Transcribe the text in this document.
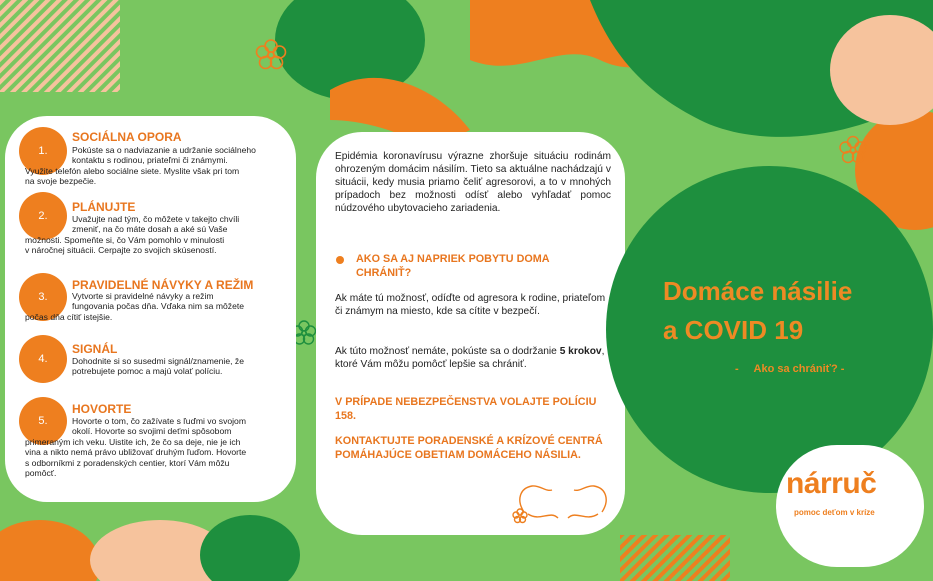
1.
SOCIÁLNA OPORA

Pokúste sa o nadviazanie a udržanie sociálneho

kontaktu s rodinou, priateľmi či známymi.

Využite telefón alebo sociálne siete. Myslite však pri tom

na svoje bezpečie.

2.
PLÁNUJTE

Uvažujte nad tým, čo môžete v takejto chvíli

zmeniť, na čo máte dosah a aké sú Vaše

možnosti. Spomeňte si, čo Vám pomohlo v minulosti

v náročnej situácii. Cerpajte zo svojich skúseností.

3.
PRAVIDELNÉ NÁVYKY A REŽIM

Vytvorte si pravidelné návyky a režim

fungovania počas dňa. Vďaka nim sa môžete

počas dňa cítiť istejšie.

4.
SIGNÁL

Dohodnite si so susedmi signál/znamenie, že

potrebujete pomoc a majú volať políciu.

5.
HOVORTE

Hovorte o tom, čo zažívate s ľuďmi vo svojom

okolí. Hovorte so svojimi deťmi spôsobom

primeraným ich veku. Uistite ich, že čo sa deje, nie je ich

vina a nikto nemá právo ubližovať druhým ľuďom. Hovorte

s odborníkmi z poradenských centier, ktorí Vám môžu

pomôcť.

Epidémia koronavírusu výrazne zhoršuje situáciu rodinám ohrozeným domácim násilím. Tieto sa aktuálne nachádzajú v situácii, kedy musia priamo čeliť agresorovi, a to v mnohých prípadoch bez možnosti odísť alebo vyhľadať pomoc núdzového ubytovacieho zariadenia.

AKO SA AJ NAPRIEK POBYTU DOMA

CHRÁNIŤ?

Ak máte tú možnosť, odíďte od agresora k rodine, priateľom či známym na miesto, kde sa cítite v bezpečí.
Ak túto možnosť nemáte, pokúste sa o dodržanie 5 krokov, ktoré Vám môžu pomôcť lepšie sa chrániť.
V PRÍPADE NEBEZPEČENSTVA VOLAJTE POLÍCIU 158.
KONTAKTUJTE PORADENSKÉ A KRÍZOVÉ CENTRÁ POMÁHAJÚCE OBETIAM DOMÁCEHO NÁSILIA.
Domáce násilie
a COVID 19
-     Ako sa chrániť? -
nárruč
pomoc deťom v kríze
